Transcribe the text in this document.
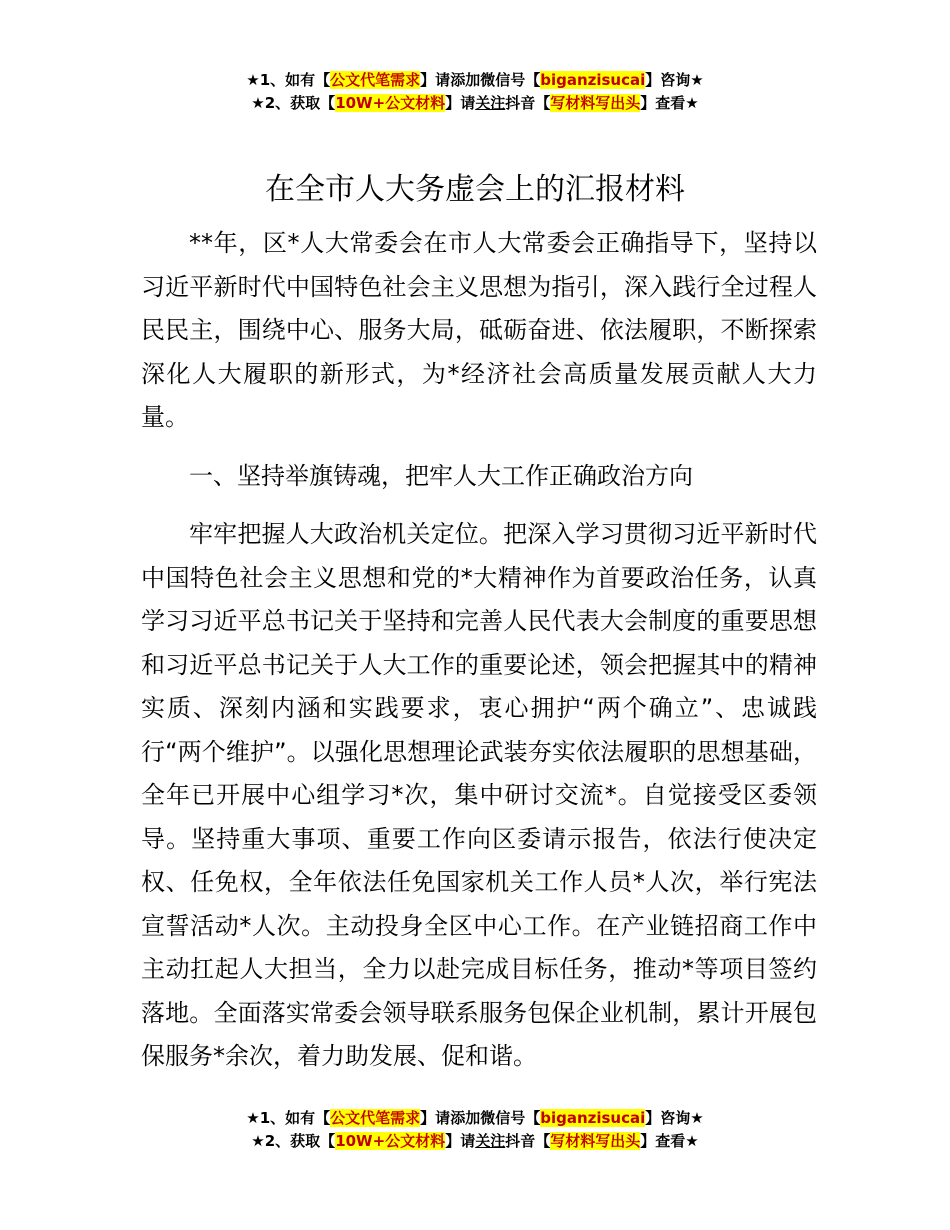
★1、如有【公文代笔需求】请添加微信号【biganzisucai】咨询★
★2、获取【10W+公文材料】请关注抖音【写材料写出头】查看★
在全市人大务虚会上的汇报材料

**年，区*人大常委会在市人大常委会正确指导下，坚持以习近平新时代中国特色社会主义思想为指引，深入践行全过程人民民主，围绕中心、服务大局，砥砺奋进、依法履职，不断探索深化人大履职的新形式，为*经济社会高质量发展贡献人大力量。

一、坚持举旗铸魂，把牢人大工作正确政治方向

牢牢把握人大政治机关定位。把深入学习贯彻习近平新时代中国特色社会主义思想和党的*大精神作为首要政治任务，认真学习习近平总书记关于坚持和完善人民代表大会制度的重要思想和习近平总书记关于人大工作的重要论述，领会把握其中的精神实质、深刻内涵和实践要求，衷心拥护“两个确立”、忠诚践行“两个维护”。以强化思想理论武装夯实依法履职的思想基础，全年已开展中心组学习*次，集中研讨交流*。自觉接受区委领导。坚持重大事项、重要工作向区委请示报告，依法行使决定权、任免权，全年依法任免国家机关工作人员*人次，举行宪法宣誓活动*人次。主动投身全区中心工作。在产业链招商工作中主动扛起人大担当，全力以赴完成目标任务，推动*等项目签约落地。全面落实常委会领导联系服务包保企业机制，累计开展包保服务*余次，着力助发展、促和谐。

★1、如有【公文代笔需求】请添加微信号【biganzisucai】咨询★
★2、获取【10W+公文材料】请关注抖音【写材料写出头】查看★
